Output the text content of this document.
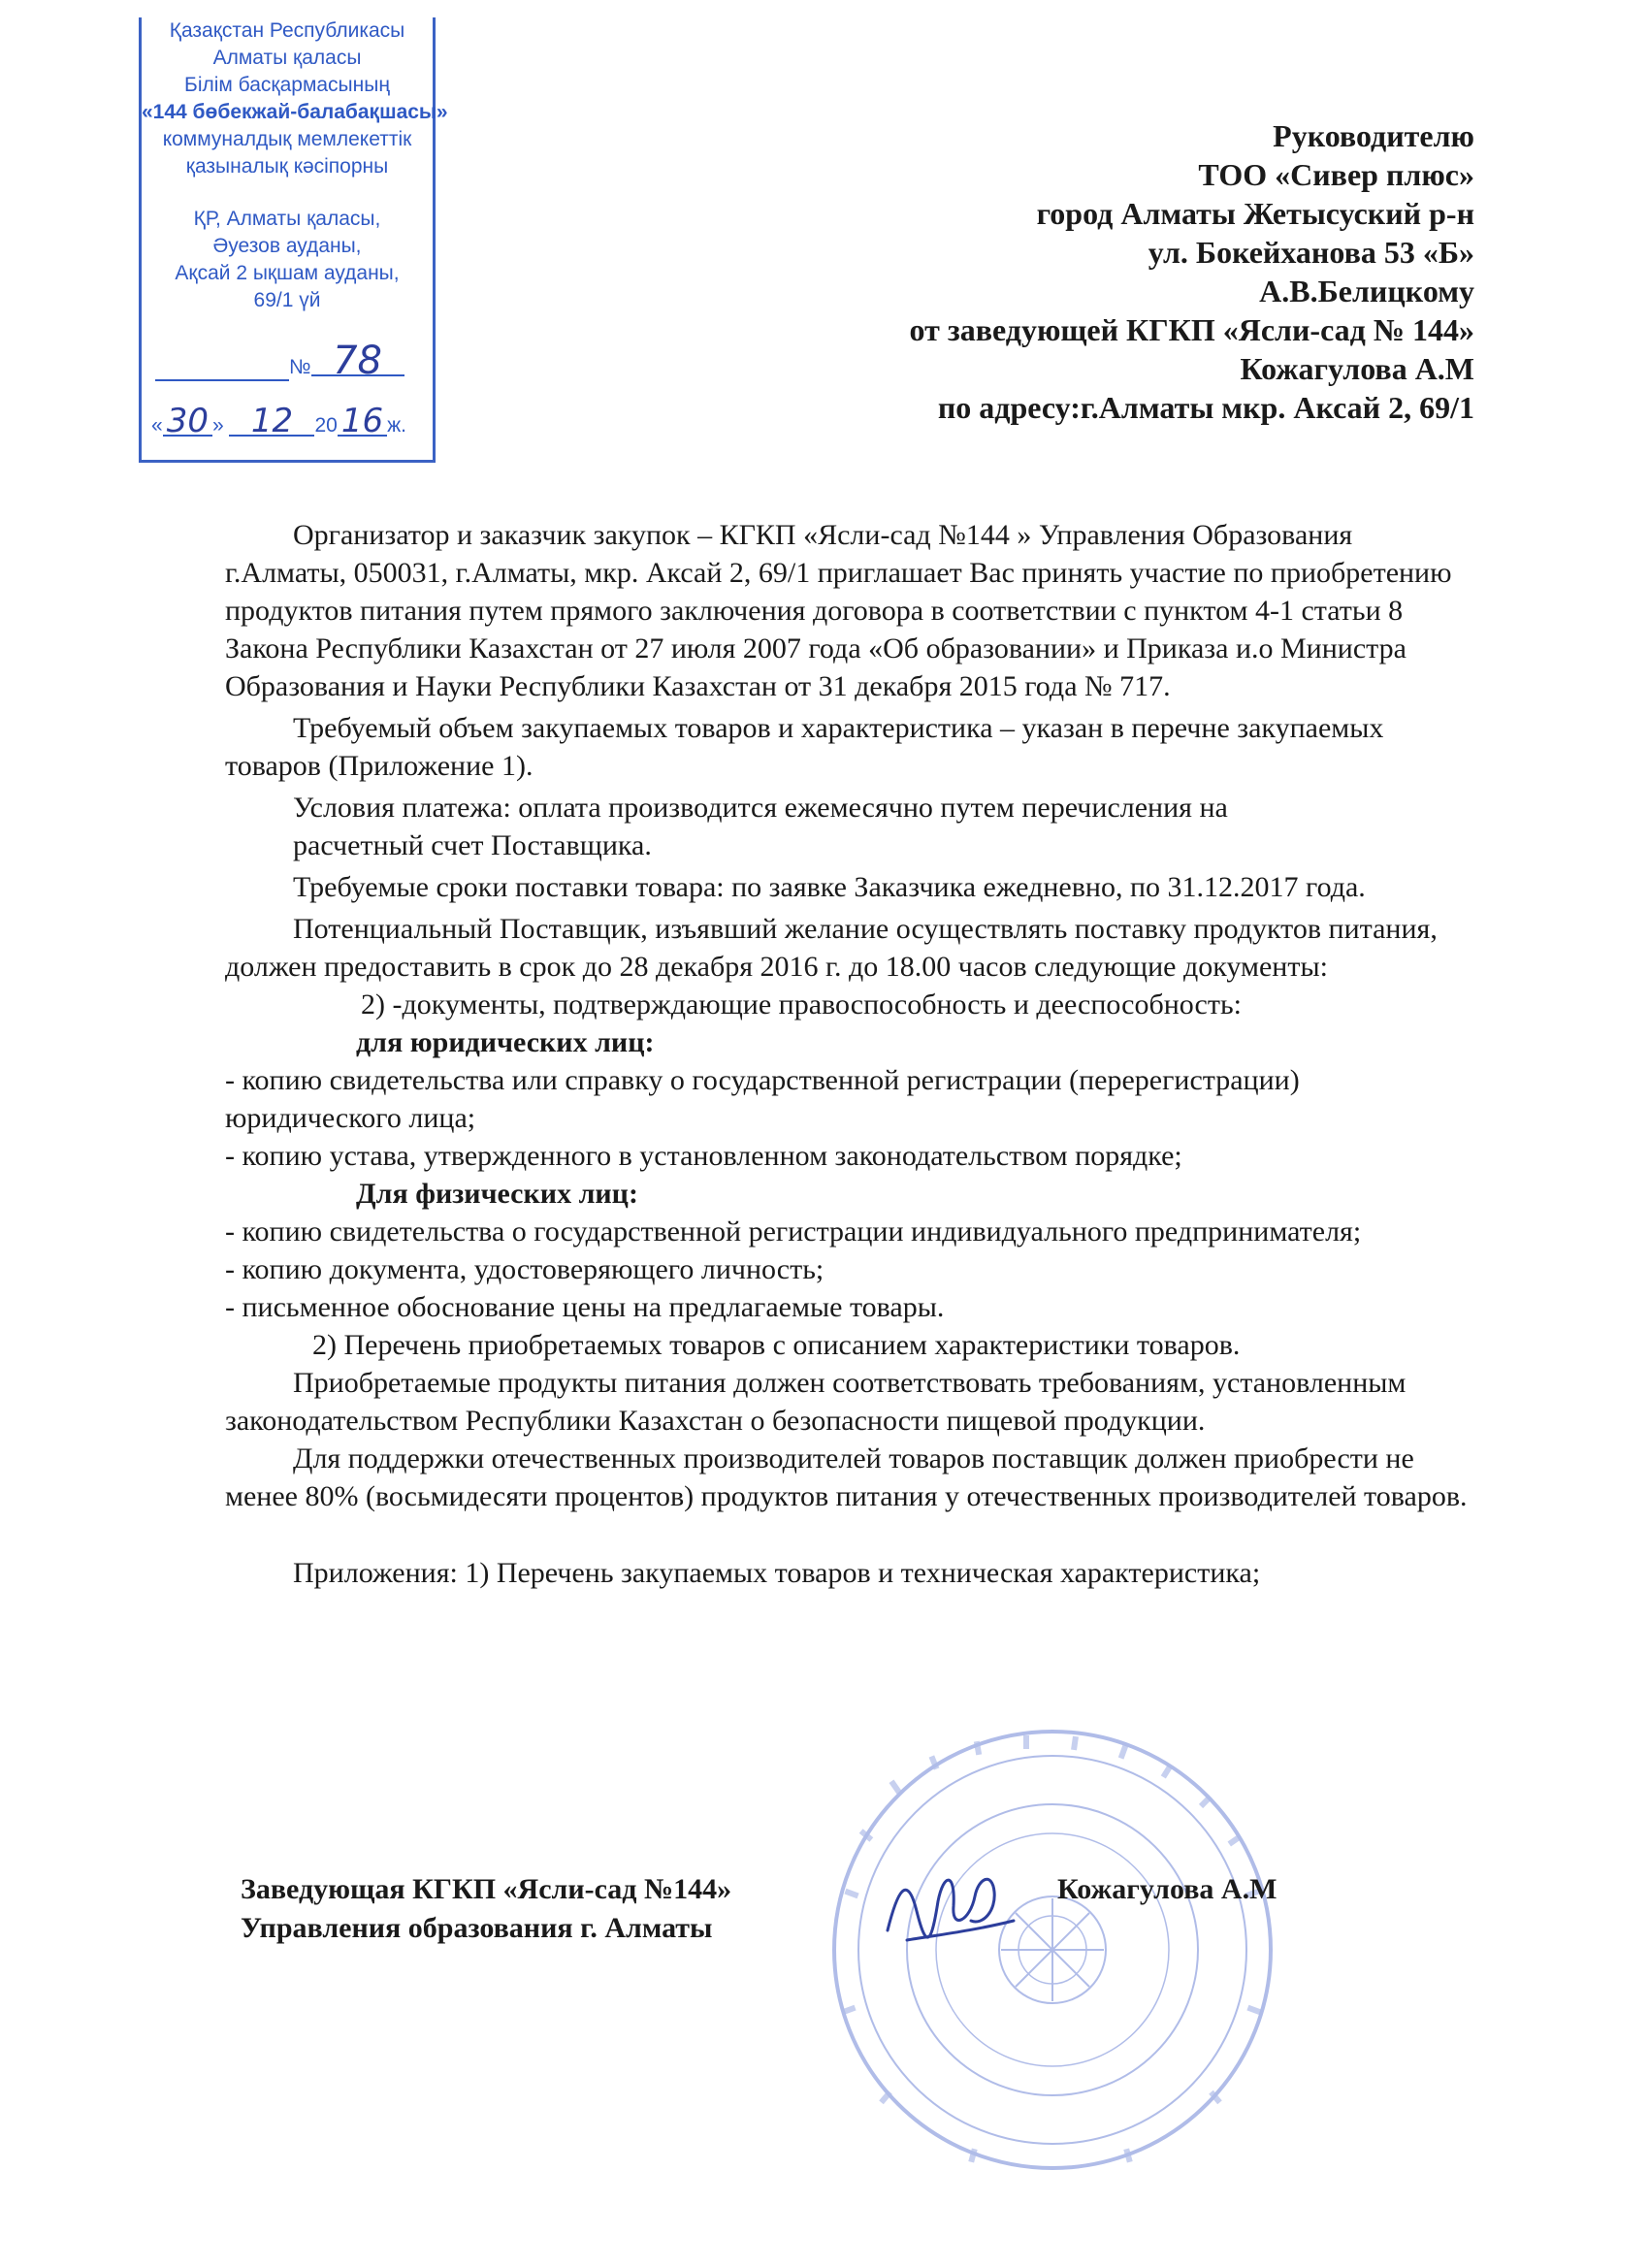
Қазақстан Республикасы
Алматы қаласы
Білім басқармасының
«144 бөбекжай-балабақшасы»
коммуналдық мемлекеттік
қазыналық кәсіпорны
ҚР, Алматы қаласы,
Әуезов ауданы,
Ақсай 2 ықшам ауданы,
69/1 үй
№ 78
« 30 » 12 20 16 ж.
Руководителю
ТОО «Сивер плюс»
город Алматы Жетысуский р-н
ул. Бокейханова 53 «Б»
А.В.Белицкому
от заведующей КГКП «Ясли-сад № 144»
Кожагулова А.М
по адресу:г.Алматы мкр. Аксай 2, 69/1

Организатор и заказчик закупок – КГКП «Ясли-сад №144 » Управления Образования г.Алматы, 050031, г.Алматы, мкр. Аксай 2, 69/1 приглашает Вас принять участие по приобретению продуктов питания путем прямого заключения договора в соответствии с пунктом 4-1 статьи 8 Закона Республики Казахстан от 27 июля 2007 года «Об образовании» и Приказа и.о Министра Образования и Науки Республики Казахстан от 31 декабря 2015 года № 717.

Требуемый объем закупаемых товаров и характеристика – указан в перечне закупаемых товаров (Приложение 1).

Условия платежа: оплата производится ежемесячно путем перечисления на

расчетный счет Поставщика.

Требуемые сроки поставки товара: по заявке Заказчика ежедневно, по 31.12.2017 года.

Потенциальный Поставщик, изъявший желание осуществлять поставку продуктов питания, должен предоставить в срок до 28 декабря 2016 г. до 18.00 часов следующие документы:

2) -документы, подтверждающие правоспособность и дееспособность:

для юридических лиц:

- копию свидетельства или справку о государственной регистрации (перерегистрации) юридического лица;

- копию устава, утвержденного в установленном законодательством порядке;

Для физических лиц:

- копию свидетельства о государственной регистрации индивидуального предпринимателя;

- копию документа, удостоверяющего личность;

- письменное обоснование цены на предлагаемые товары.

2) Перечень приобретаемых товаров с описанием характеристики товаров.

Приобретаемые продукты питания должен соответствовать требованиям, установленным законодательством Республики Казахстан о безопасности пищевой продукции.

Для поддержки отечественных производителей товаров поставщик должен приобрести не менее 80% (восьмидесяти процентов) продуктов питания у отечественных производителей товаров.

Приложения: 1) Перечень закупаемых товаров и техническая характеристика;

Заведующая КГКП «Ясли-сад №144»
Управления образования г. Алматы
Кожагулова А.М
